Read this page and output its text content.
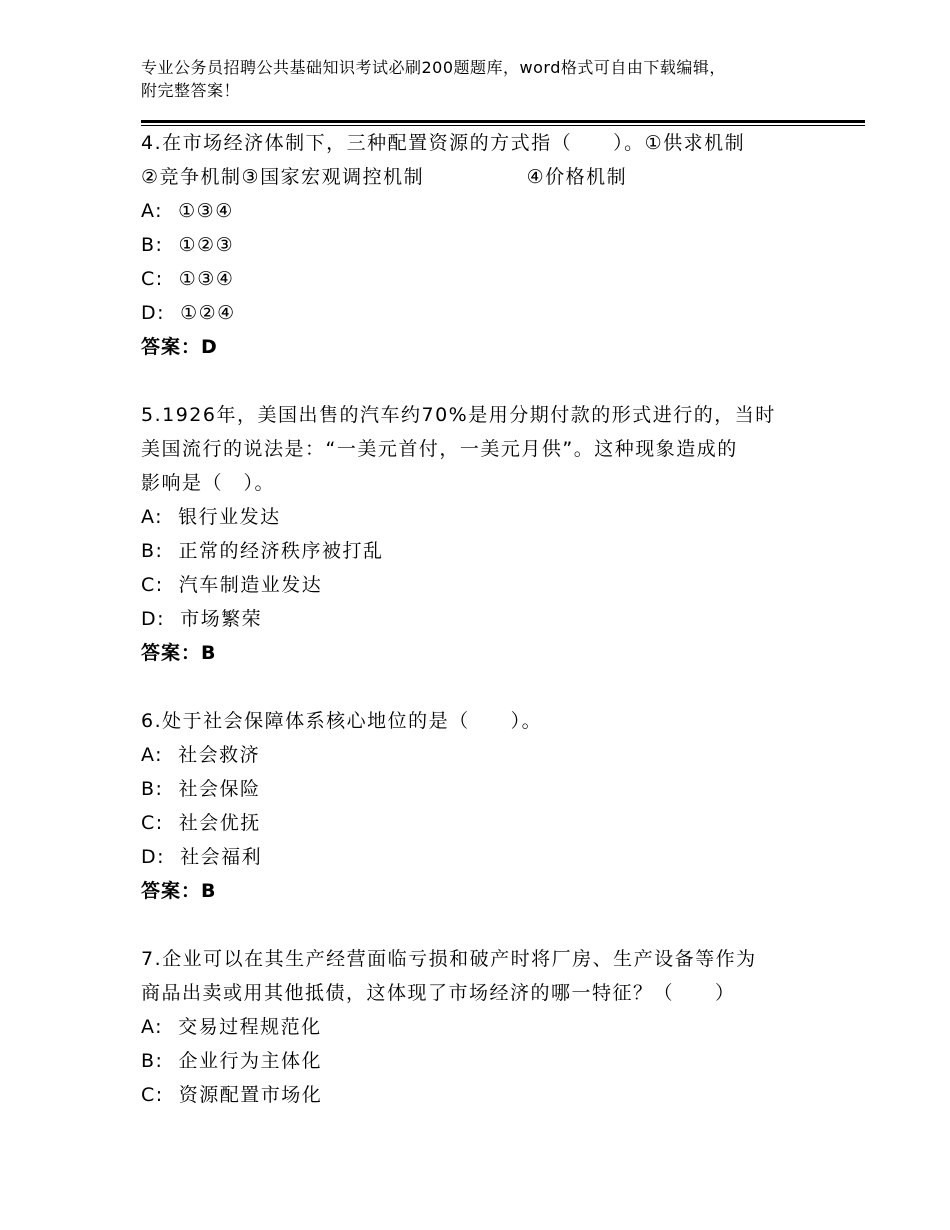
专业公务员招聘公共基础知识考试必刷200题题库，word格式可自由下载编辑，
附完整答案！
4.在市场经济体制下，三种配置资源的方式指（　　）。①供求机制
②竞争机制③国家宏观调控机制　　　　　④价格机制
A:  ①③④
B:  ①②③
C:  ①③④
D:  ①②④
答案：D
5.1926年，美国出售的汽车约70%是用分期付款的形式进行的，当时
美国流行的说法是：“一美元首付，一美元月供”。这种现象造成的
影响是（　）。
A:  银行业发达
B:  正常的经济秩序被打乱
C:  汽车制造业发达
D:  市场繁荣
答案：B
6.处于社会保障体系核心地位的是（　　）。
A:  社会救济
B:  社会保险
C:  社会优抚
D:  社会福利
答案：B
7.企业可以在其生产经营面临亏损和破产时将厂房、生产设备等作为
商品出卖或用其他抵债，这体现了市场经济的哪一特征？（　　）
A:  交易过程规范化
B:  企业行为主体化
C:  资源配置市场化
